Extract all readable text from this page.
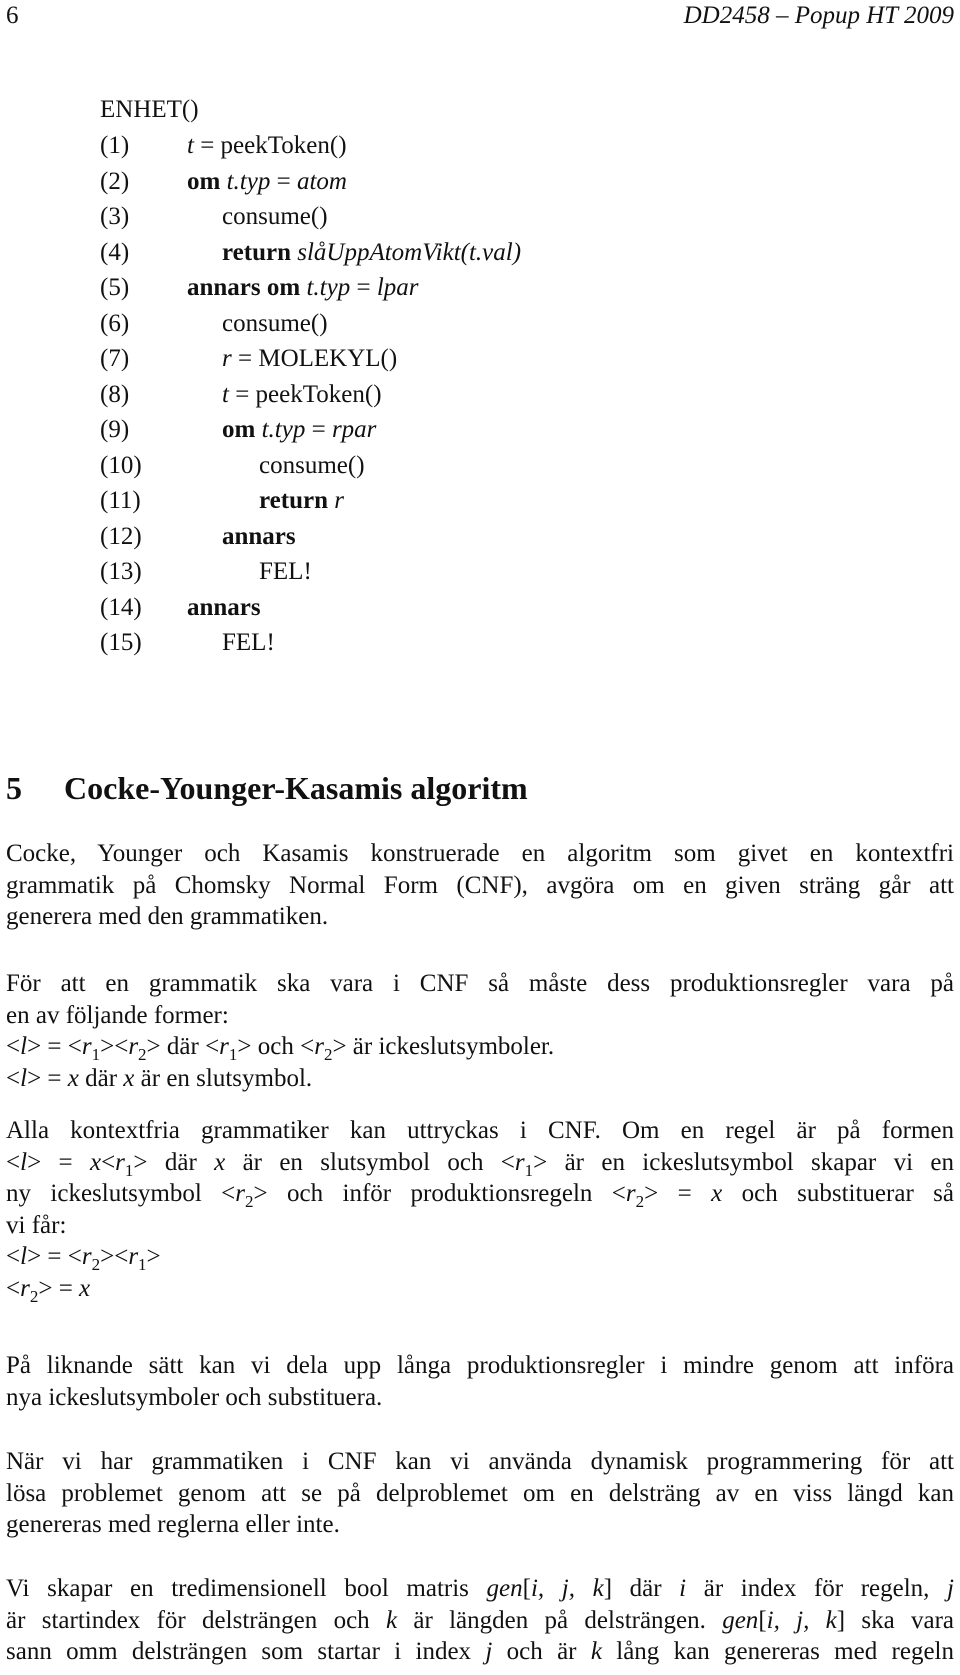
6	DD2458 – Popup HT 2009
ENHET()
(1) t = peekToken()
(2) om t.typ = atom
(3)	consume()
(4)	return slåUppAtomVikt(t.val)
(5) annars om t.typ = lpar
(6)	consume()
(7)	r = MOLEKYL()
(8)	t = peekToken()
(9)	om t.typ = rpar
(10)	consume()
(11)	return r
(12)	annars
(13)	FEL!
(14) annars
(15)	FEL!
5 Cocke-Younger-Kasamis algoritm
Cocke, Younger och Kasamis konstruerade en algoritm som givet en kontextfri
grammatik på Chomsky Normal Form (CNF), avgöra om en given sträng går att
generera med den grammatiken.
För att en grammatik ska vara i CNF så måste dess produktionsregler vara på
en av följande former:
$<l> = <r_1><r_2>$ där $<r_1>$ och $<r_2>$ är ickeslutsymboler.
<l> = x där x är en slutsymbol.
Alla kontextfria grammatiker kan uttryckas i CNF. Om en regel är på formen
$<l> = x<r_1>$ där x är en slutsymbol och $<r_1>$ är en ickeslutsymbol skapar vi en
ny ickeslutsymbol $<r_2>$ och inför produktionsregeln $<r_2> = x$ och substituerar så
vi får:
$<l> = <r_2><r_1>$
$<r_2> = x$
På liknande sätt kan vi dela upp långa produktionsregler i mindre genom att införa
nya ickeslutsymboler och substituera.
När vi har grammatiken i CNF kan vi använda dynamisk programmering för att
lösa problemet genom att se på delproblemet om en delsträng av en viss längd kan
genereras med reglerna eller inte.
Vi skapar en tredimensionell bool matris gen[i, j, k] där i är index för regeln, j
är startindex för delsträngen och k är längden på delsträngen. gen[i, j, k] ska vara
sann omm delsträngen som startar i index j och är k lång kan genereras med regeln
